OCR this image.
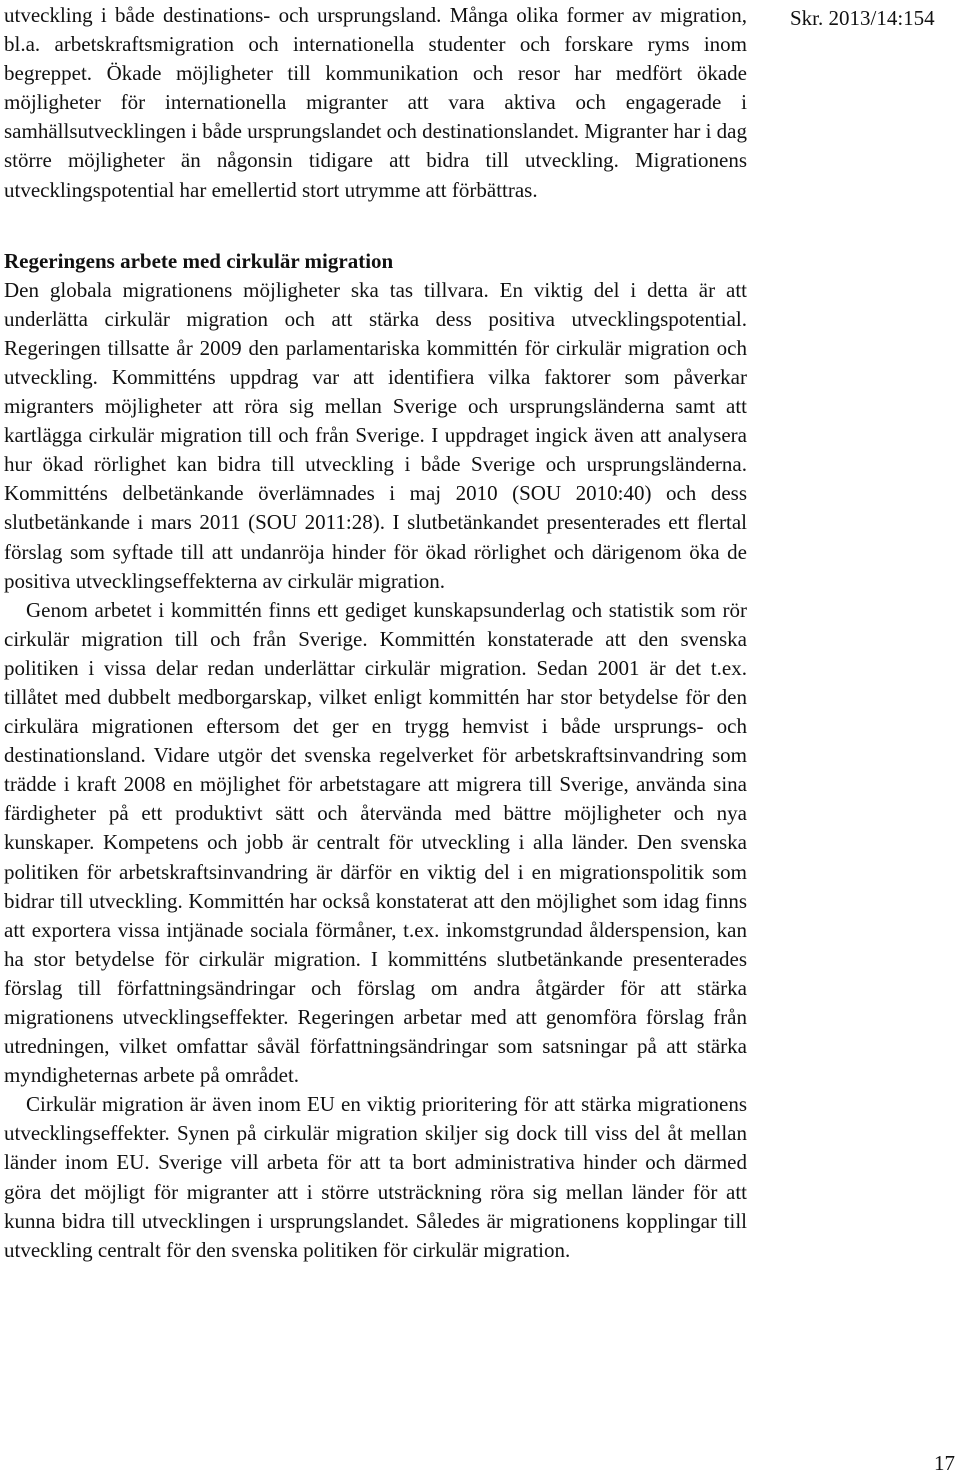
Skr. 2013/14:154

utveckling i både destinations- och ursprungsland. Många olika former av migration, bl.a. arbetskraftsmigration och internationella studenter och forskare ryms inom begreppet. Ökade möjligheter till kommunikation och resor har medfört ökade möjligheter för internationella migranter att vara aktiva och engagerade i samhällsutvecklingen i både ursprungslandet och destinationslandet. Migranter har i dag större möjligheter än någonsin tidigare att bidra till utveckling. Migrationens utvecklingspotential har emellertid stort utrymme att förbättras.

Regeringens arbete med cirkulär migration

Den globala migrationens möjligheter ska tas tillvara. En viktig del i detta är att underlätta cirkulär migration och att stärka dess positiva utvecklingspotential. Regeringen tillsatte år 2009 den parlamentariska kommittén för cirkulär migration och utveckling. Kommitténs uppdrag var att identifiera vilka faktorer som påverkar migranters möjligheter att röra sig mellan Sverige och ursprungsländerna samt att kartlägga cirkulär migration till och från Sverige. I uppdraget ingick även att analysera hur ökad rörlighet kan bidra till utveckling i både Sverige och ursprungsländerna. Kommitténs delbetänkande överlämnades i maj 2010 (SOU 2010:40) och dess slutbetänkande i mars 2011 (SOU 2011:28). I slutbetänkandet presenterades ett flertal förslag som syftade till att undanröja hinder för ökad rörlighet och därigenom öka de positiva utvecklingseffekterna av cirkulär migration.

Genom arbetet i kommittén finns ett gediget kunskapsunderlag och statistik som rör cirkulär migration till och från Sverige. Kommittén konstaterade att den svenska politiken i vissa delar redan underlättar cirkulär migration. Sedan 2001 är det t.ex. tillåtet med dubbelt medborgarskap, vilket enligt kommittén har stor betydelse för den cirkulära migrationen eftersom det ger en trygg hemvist i både ursprungs- och destinationsland. Vidare utgör det svenska regelverket för arbetskraftsinvandring som trädde i kraft 2008 en möjlighet för arbetstagare att migrera till Sverige, använda sina färdigheter på ett produktivt sätt och återvända med bättre möjligheter och nya kunskaper. Kompetens och jobb är centralt för utveckling i alla länder. Den svenska politiken för arbetskraftsinvandring är därför en viktig del i en migrationspolitik som bidrar till utveckling. Kommittén har också konstaterat att den möjlighet som idag finns att exportera vissa intjänade sociala förmåner, t.ex. inkomstgrundad ålderspension, kan ha stor betydelse för cirkulär migration. I kommitténs slutbetänkande presenterades förslag till författningsändringar och förslag om andra åtgärder för att stärka migrationens utvecklingseffekter. Regeringen arbetar med att genomföra förslag från utredningen, vilket omfattar såväl författningsändringar som satsningar på att stärka myndigheternas arbete på området.

Cirkulär migration är även inom EU en viktig prioritering för att stärka migrationens utvecklingseffekter. Synen på cirkulär migration skiljer sig dock till viss del åt mellan länder inom EU. Sverige vill arbeta för att ta bort administrativa hinder och därmed göra det möjligt för migranter att i större utsträckning röra sig mellan länder för att kunna bidra till utvecklingen i ursprungslandet. Således är migrationens kopplingar till utveckling centralt för den svenska politiken för cirkulär migration.

17
